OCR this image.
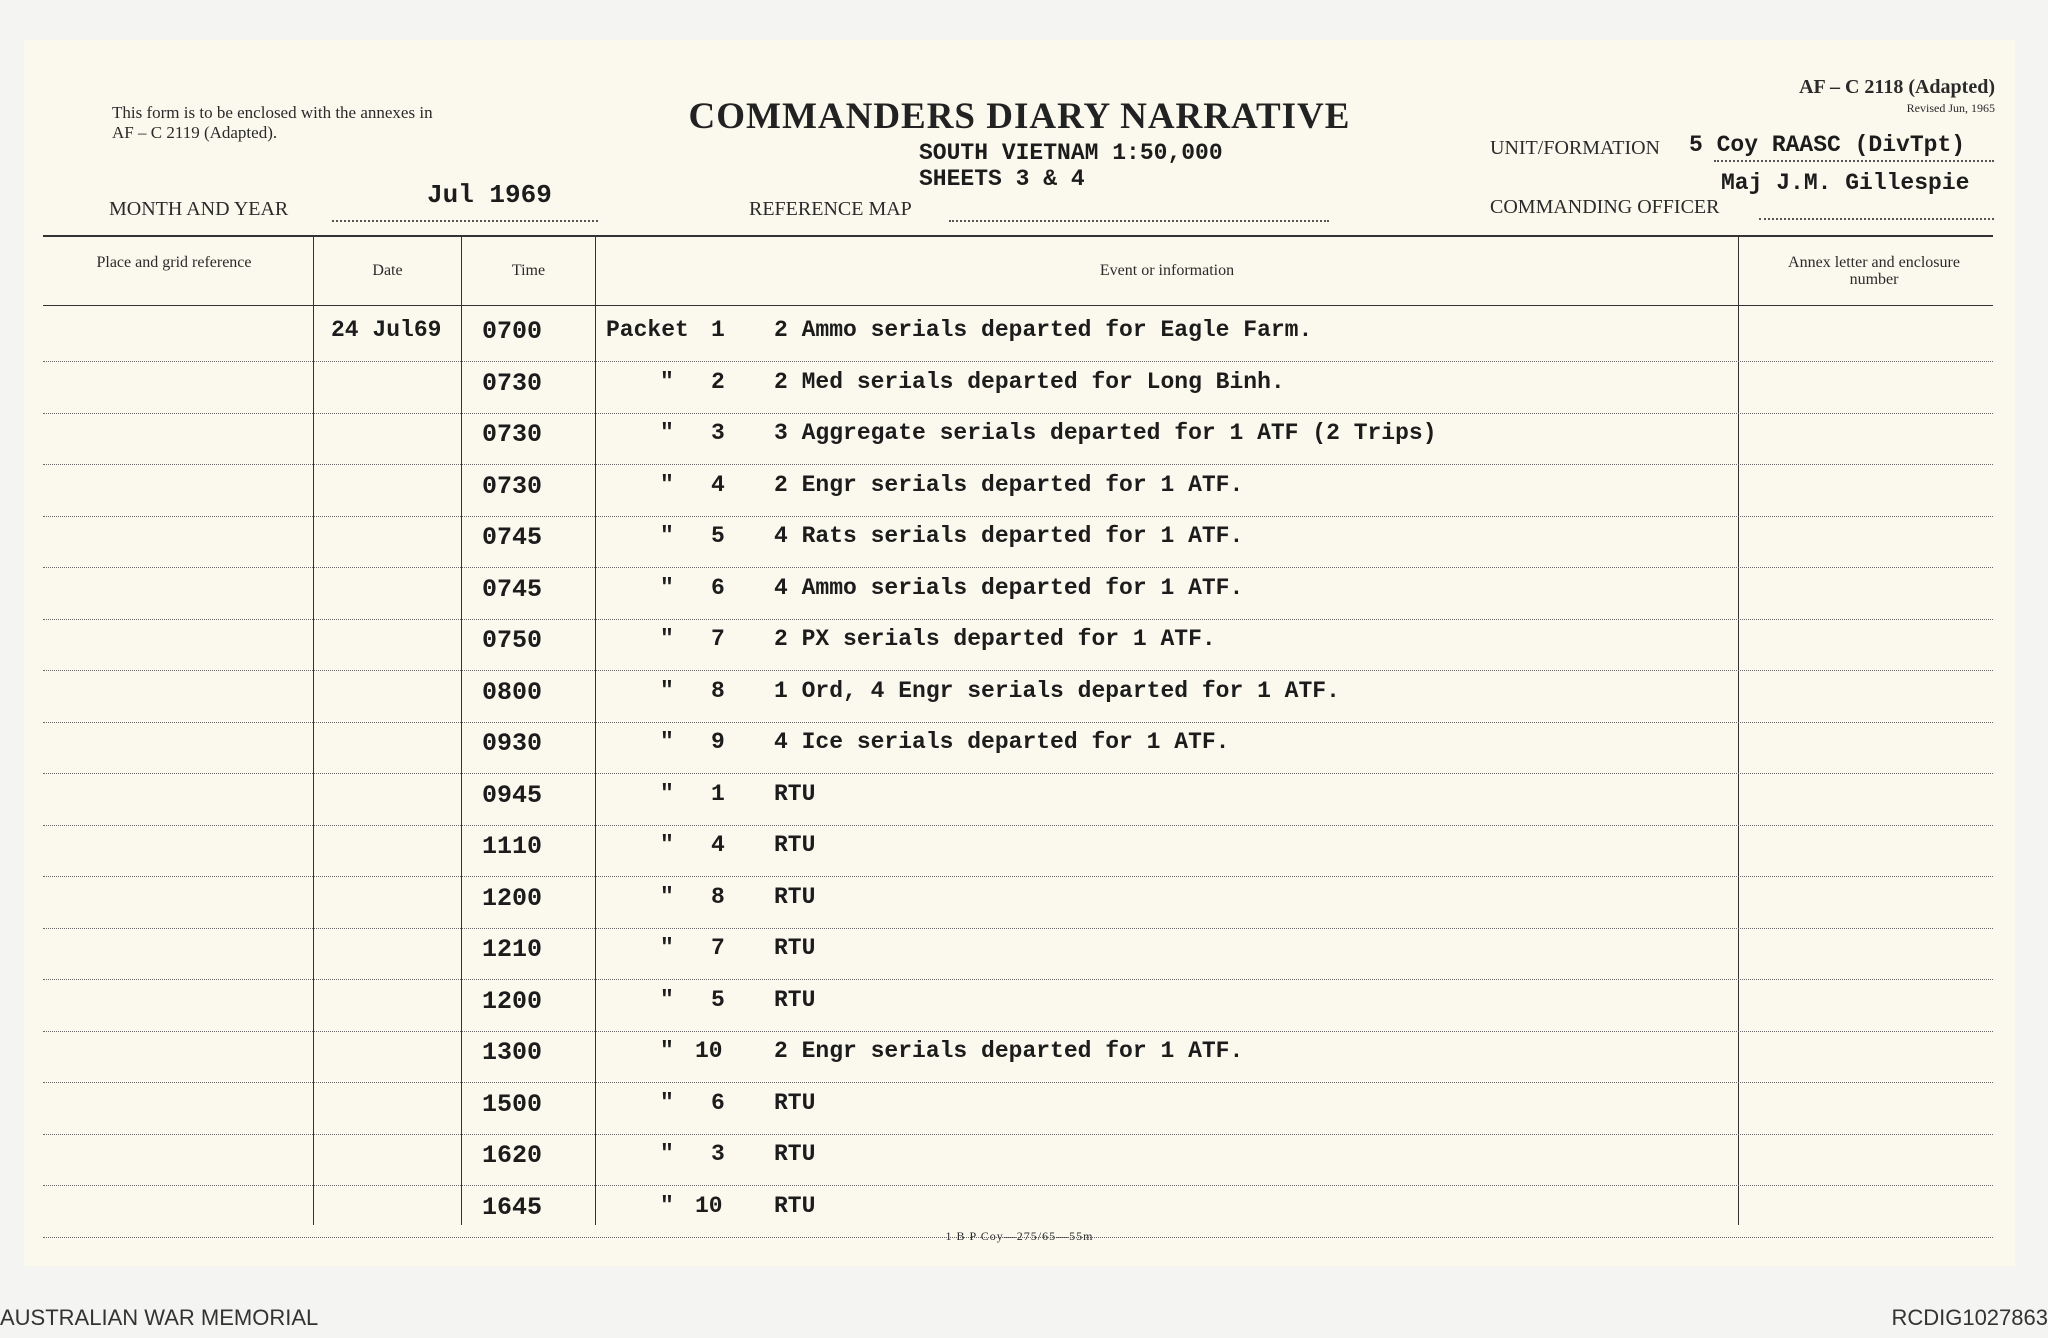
This form is to be enclosed with the annexes in AF – C 2119 (Adapted).	COMMANDERS DIARY NARRATIVE
AF – C 2118 (Adapted)
Revised Jun, 1965
MONTH AND YEAR	Jul 1969	REFERENCE MAP
SOUTH VIETNAM 1:50,000
SHEETS 3 & 4
UNIT/FORMATION 5 Coy RAASC (DivTpt)
COMMANDING OFFICER
Maj J.M. Gillespie
Place and grid reference	Date	Time	Event or information	Annex letter and enclosure number
24 Jul69 0700	Packet 1 2 Ammo serials departed for Eagle Farm.
0730	" 2 2 Med serials departed for Long Binh.
0730	" 3 3 Aggregate serials departed for 1 ATF (2 Trips)
0730	" 4 2 Engr serials departed for 1 ATF.
0745	" 5 4 Rats serials departed for 1 ATF.
0745	" 6 4 Ammo serials departed for 1 ATF.
0750	" 7 2 PX serials departed for 1 ATF.
0800	" 8 1 Ord, 4 Engr serials departed for 1 ATF.
0930	" 9 4 Ice serials departed for 1 ATF.
0945	" 1 RTU
1110	" 4 RTU
1200	" 8 RTU
1210	" 7 RTU
1200	" 5 RTU
1300	" 10 2 Engr serials departed for 1 ATF.
1500	" 6 RTU
1620	" 3 RTU
1645	" 10 RTU
1 B P Coy—275/65—55m
AUSTRALIAN WAR MEMORIAL	RCDIG1027863
